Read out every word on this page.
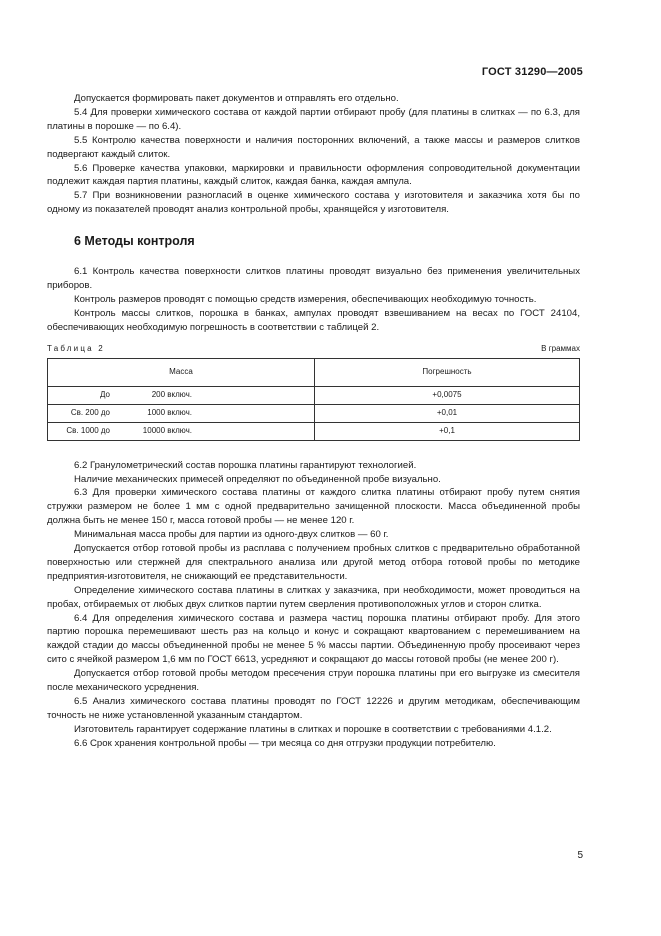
ГОСТ 31290—2005

Допускается формировать пакет документов и отправлять его отдельно.

5.4 Для проверки химического состава от каждой партии отбирают пробу (для платины в слитках — по 6.3, для платины в порошке — по 6.4).

5.5 Контролю качества поверхности и наличия посторонних включений, а также массы и размеров слитков подвергают каждый слиток.

5.6 Проверке качества упаковки, маркировки и правильности оформления сопроводительной документации подлежит каждая партия платины, каждый слиток, каждая банка, каждая ампула.

5.7 При возникновении разногласий в оценке химического состава у изготовителя и заказчика хотя бы по одному из показателей проводят анализ контрольной пробы, хранящейся у изготовителя.

6 Методы контроля

6.1 Контроль качества поверхности слитков платины проводят визуально без применения увеличительных приборов.

Контроль размеров проводят с помощью средств измерения, обеспечивающих необходимую точность.

Контроль массы слитков, порошка в банках, ампулах проводят взвешиванием на весах по ГОСТ 24104, обеспечивающих необходимую погрешность в соответствии с таблицей 2.

Таблица 2	В граммах
Масса	Погрешность
До 200 включ.	+0,0075
Св. 200 до 1000 включ.	+0,01
Св. 1000 до 10000 включ.	+0,1

6.2 Гранулометрический состав порошка платины гарантируют технологией.

Наличие механических примесей определяют по объединенной пробе визуально.

6.3 Для проверки химического состава платины от каждого слитка платины отбирают пробу путем снятия стружки размером не более 1 мм с одной предварительно зачищенной плоскости. Масса объединенной пробы должна быть не менее 150 г, масса готовой пробы — не менее 120 г.

Минимальная масса пробы для партии из одного-двух слитков — 60 г.

Допускается отбор готовой пробы из расплава с получением пробных слитков с предварительно обработанной поверхностью или стержней для спектрального анализа или другой метод отбора готовой пробы по методике предприятия-изготовителя, не снижающий ее представительности.

Определение химического состава платины в слитках у заказчика, при необходимости, может проводиться на пробах, отбираемых от любых двух слитков партии путем сверления противоположных углов и сторон слитка.

6.4 Для определения химического состава и размера частиц порошка платины отбирают пробу. Для этого партию порошка перемешивают шесть раз на кольцо и конус и сокращают квартованием с перемешиванием на каждой стадии до массы объединенной пробы не менее 5 % массы партии. Объединенную пробу просеивают через сито с ячейкой размером 1,6 мм по ГОСТ 6613, усредняют и сокращают до массы готовой пробы (не менее 200 г).

Допускается отбор готовой пробы методом пресечения струи порошка платины при его выгрузке из смесителя после механического усреднения.

6.5 Анализ химического состава платины проводят по ГОСТ 12226 и другим методикам, обеспечивающим точность не ниже установленной указанным стандартом.

Изготовитель гарантирует содержание платины в слитках и порошке в соответствии с требованиями 4.1.2.

6.6 Срок хранения контрольной пробы — три месяца со дня отгрузки продукции потребителю.

5
